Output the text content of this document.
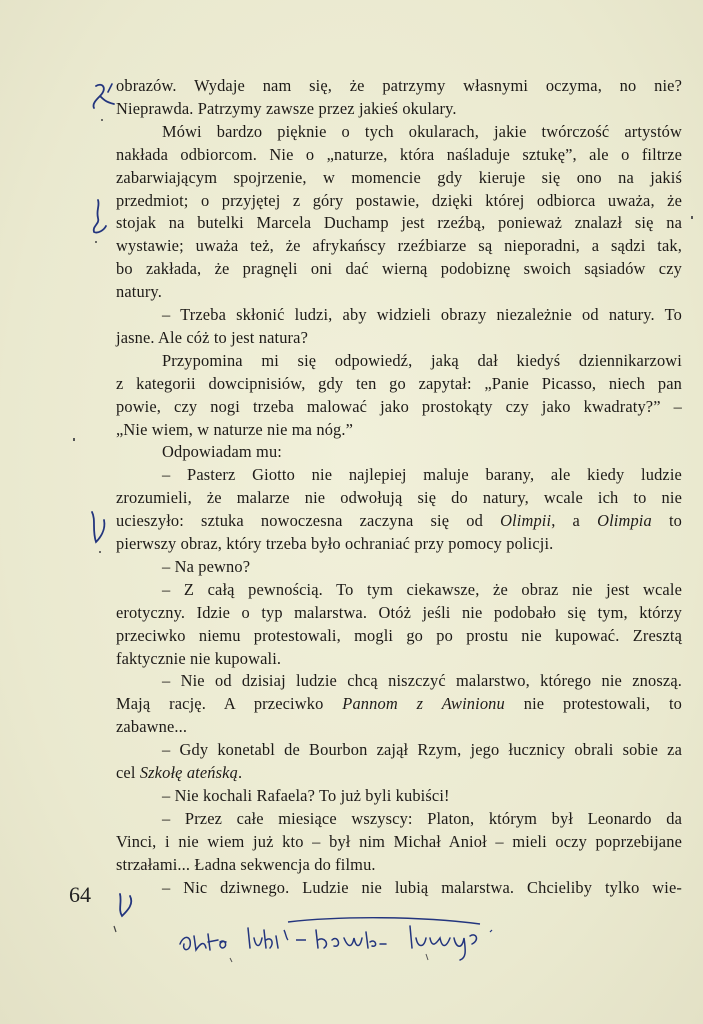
64
obrazów. Wydaje nam się, że patrzymy własnymi oczyma, no nie?
Nieprawda. Patrzymy zawsze przez jakieś okulary.
Mówi bardzo pięknie o tych okularach, jakie twórczość artystów
nakłada odbiorcom. Nie o „naturze, która naśladuje sztukę”, ale o filtrze
zabarwiającym spojrzenie, w momencie gdy kieruje się ono na jakiś
przedmiot; o przyjętej z góry postawie, dzięki której odbiorca uważa, że
stojak na butelki Marcela Duchamp jest rzeźbą, ponieważ znalazł się na
wystawie; uważa też, że afrykańscy rzeźbiarze są nieporadni, a sądzi tak,
bo zakłada, że pragnęli oni dać wierną podobiznę swoich sąsiadów czy
natury.
– Trzeba skłonić ludzi, aby widzieli obrazy niezależnie od natury. To
jasne. Ale cóż to jest natura?
Przypomina mi się odpowiedź, jaką dał kiedyś dziennikarzowi
z kategorii dowcipnisiów, gdy ten go zapytał: „Panie Picasso, niech pan
powie, czy nogi trzeba malować jako prostokąty czy jako kwadraty?” –
„Nie wiem, w naturze nie ma nóg.”
Odpowiadam mu:
– Pasterz Giotto nie najlepiej maluje barany, ale kiedy ludzie
zrozumieli, że malarze nie odwołują się do natury, wcale ich to nie
ucieszyło: sztuka nowoczesna zaczyna się od Olimpii, a Olimpia to
pierwszy obraz, który trzeba było ochraniać przy pomocy policji.
– Na pewno?
– Z całą pewnością. To tym ciekawsze, że obraz nie jest wcale
erotyczny. Idzie o typ malarstwa. Otóż jeśli nie podobało się tym, którzy
przeciwko niemu protestowali, mogli go po prostu nie kupować. Zresztą
faktycznie nie kupowali.
– Nie od dzisiaj ludzie chcą niszczyć malarstwo, którego nie znoszą.
Mają rację. A przeciwko Pannom z Awinionu nie protestowali, to
zabawne...
– Gdy konetabl de Bourbon zajął Rzym, jego łucznicy obrali sobie za
cel Szkołę ateńską.
– Nie kochali Rafaela? To już byli kubiści!
– Przez całe miesiące wszyscy: Platon, którym był Leonardo da
Vinci, i nie wiem już kto – był nim Michał Anioł – mieli oczy poprzebijane
strzałami... Ładna sekwencja do filmu.
– Nic dziwnego. Ludzie nie lubią malarstwa. Chcieliby tylko wie-
